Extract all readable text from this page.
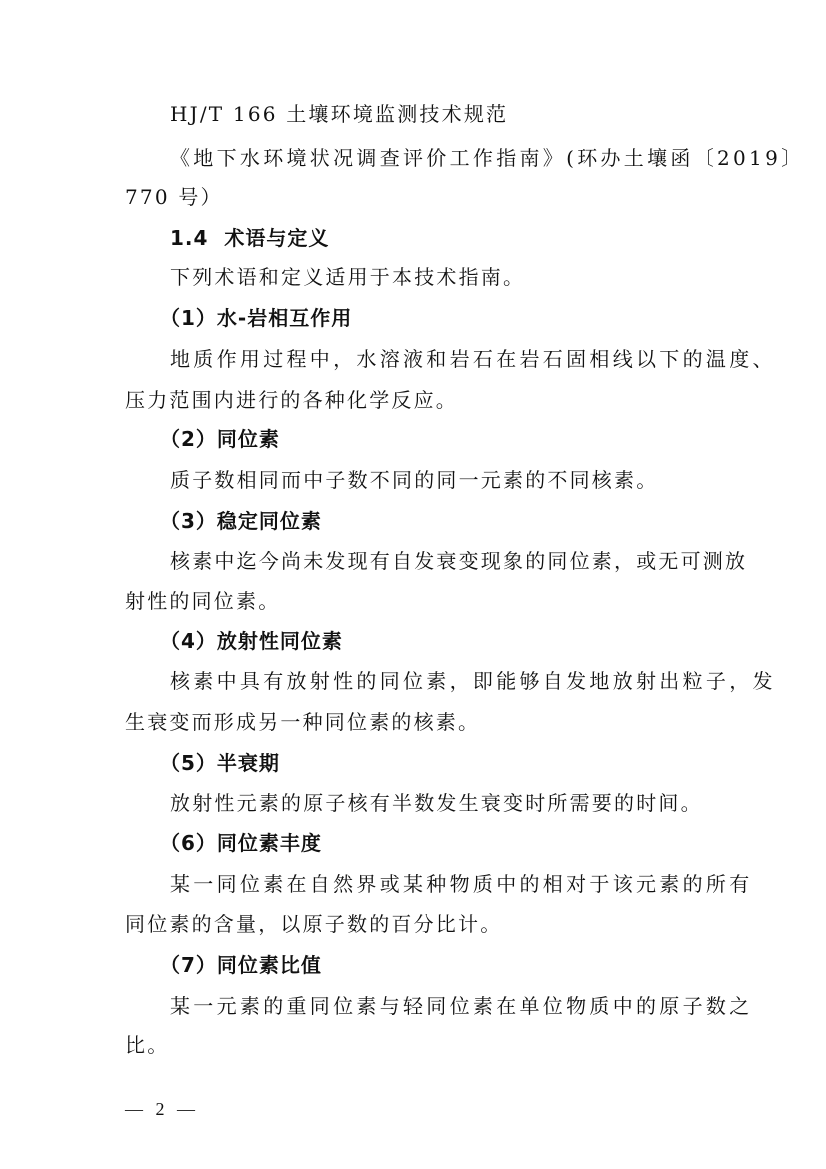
HJ/T 166 土壤环境监测技术规范
《地下水环境状况调查评价工作指南》(环办土壤函〔2019〕
770 号）
1.4 术语与定义
下列术语和定义适用于本技术指南。
（1）水-岩相互作用
地质作用过程中，水溶液和岩石在岩石固相线以下的温度、
压力范围内进行的各种化学反应。
（2）同位素
质子数相同而中子数不同的同一元素的不同核素。
（3）稳定同位素
核素中迄今尚未发现有自发衰变现象的同位素，或无可测放
射性的同位素。
（4）放射性同位素
核素中具有放射性的同位素，即能够自发地放射出粒子，发
生衰变而形成另一种同位素的核素。
（5）半衰期
放射性元素的原子核有半数发生衰变时所需要的时间。
（6）同位素丰度
某一同位素在自然界或某种物质中的相对于该元素的所有
同位素的含量，以原子数的百分比计。
（7）同位素比值
某一元素的重同位素与轻同位素在单位物质中的原子数之
比。
— 2 —
